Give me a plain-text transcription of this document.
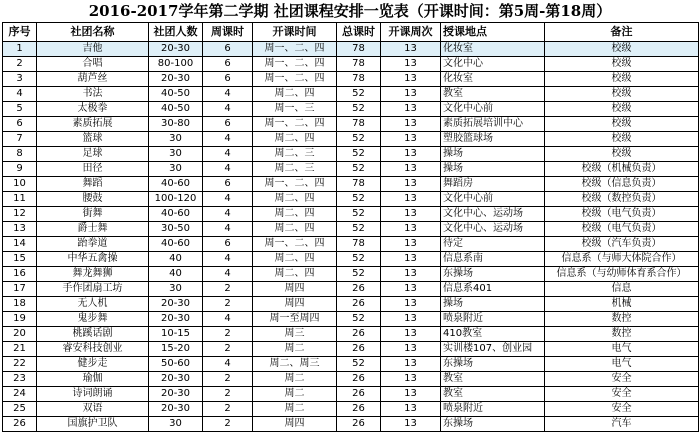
2016-2017学年第二学期 社团课程安排一览表（开课时间：第5周-第18周）
序号	社团名称	社团人数	周课时	开课时间	总课时	开课周次	授课地点	备注
1	吉他	20-30	6	周一、二、四	78	13	化妆室	校级
2	合唱	80-100	6	周一、二、四	78	13	文化中心	校级
3	葫芦丝	20-30	6	周一、二、四	78	13	化妆室	校级
4	书法	40-50	4	周二、四	52	13	教室	校级
5	太极拳	40-50	4	周一、三	52	13	文化中心前	校级
6	素质拓展	30-80	6	周一、二、四	78	13	素质拓展培训中心	校级
7	篮球	30	4	周二、四	52	13	塑胶篮球场	校级
8	足球	30	4	周二、三	52	13	操场	校级
9	田径	30	4	周二、三	52	13	操场	校级（机械负责）
10	舞蹈	40-60	6	周一、二、四	78	13	舞蹈房	校级（信息负责）
11	腰鼓	100-120	4	周二、四	52	13	文化中心前	校级（数控负责）
12	街舞	40-60	4	周二、四	52	13	文化中心、运动场	校级（电气负责）
13	爵士舞	30-50	4	周二、四	52	13	文化中心、运动场	校级（电气负责）
14	跆拳道	40-60	6	周一、二、四	78	13	待定	校级（汽车负责）
15	中华五禽操	40	4	周二、四	52	13	信息系南	信息系（与师大体院合作）
16	舞龙舞狮	40	4	周二、四	52	13	东操场	信息系（与幼师体育系合作）
17	手作团扇工坊	30	2	周四	26	13	信息系401	信息
18	无人机	20-30	2	周四	26	13	操场	机械
19	鬼步舞	20-30	4	周一至周四	52	13	喷泉附近	数控
20	桃蹊话剧	10-15	2	周三	26	13	410教室	数控
21	睿安科技创业	15-20	2	周二	26	13	实训楼107、创业园	电气
22	健步走	50-60	4	周二、周三	52	13	东操场	电气
23	瑜伽	20-30	2	周二	26	13	教室	安全
24	诗词朗诵	20-30	2	周二	26	13	教室	安全
25	双语	20-30	2	周二	26	13	喷泉附近	安全
26	国旗护卫队	30	2	周四	26	13	东操场	汽车
